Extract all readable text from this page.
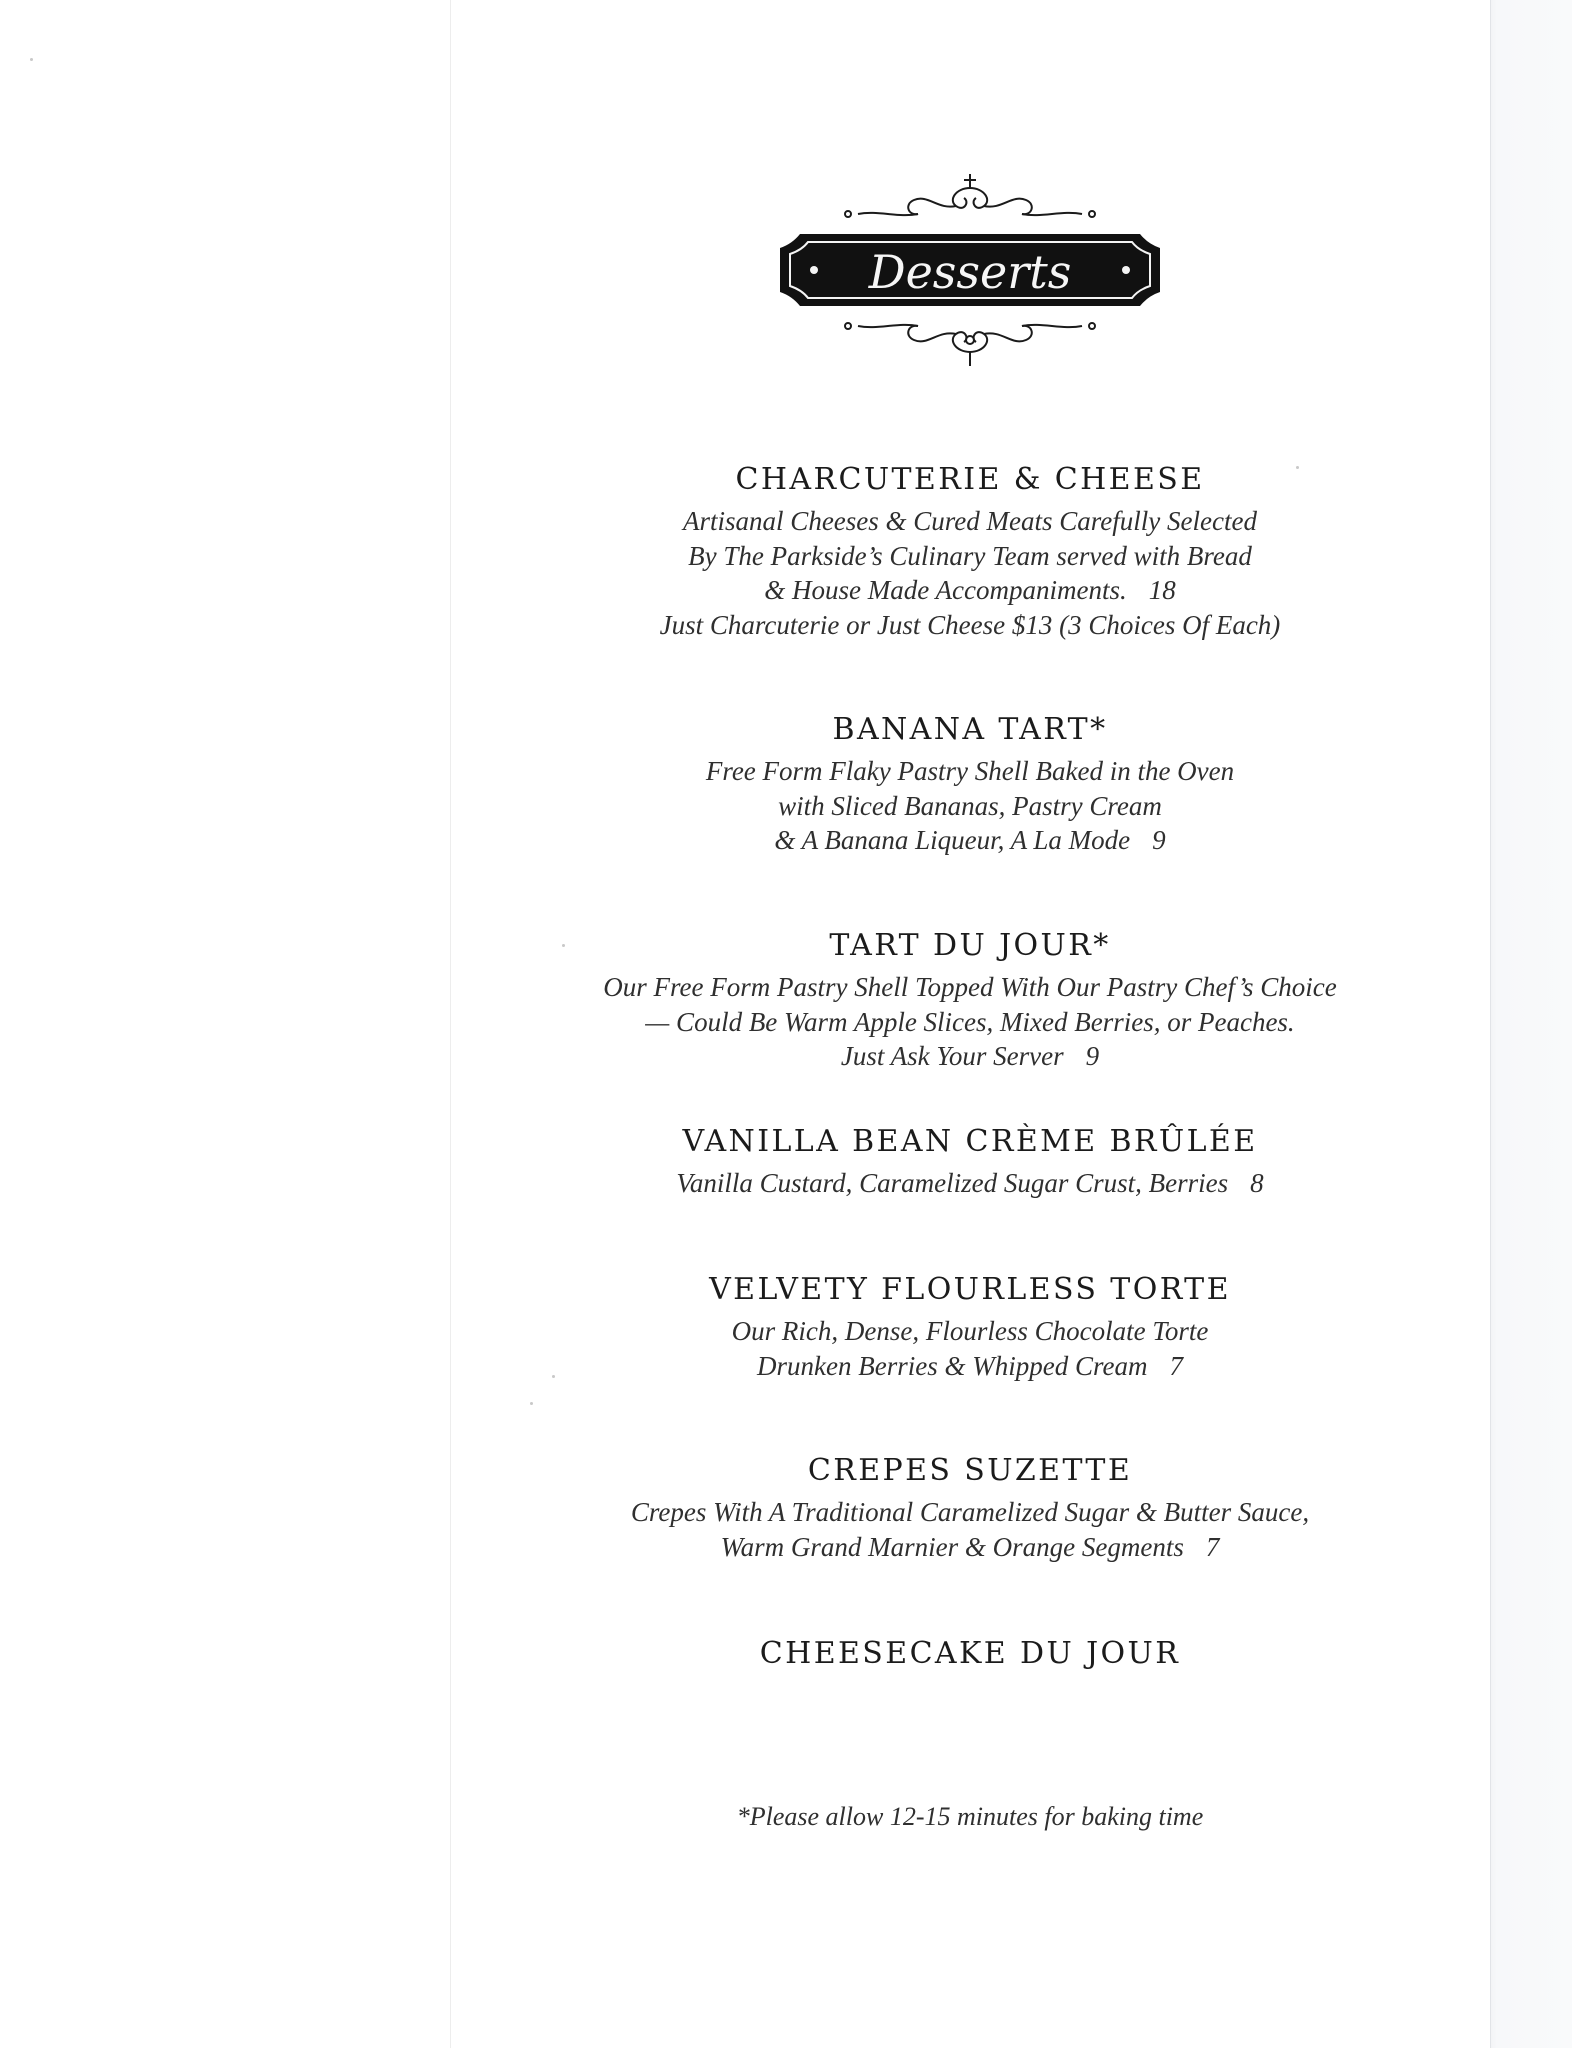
Desserts
CHARCUTERIE & CHEESE

Artisanal Cheeses & Cured Meats Carefully Selected
By The Parkside’s Culinary Team served with Bread
& House Made Accompaniments. 18
Just Charcuterie or Just Cheese $13 (3 Choices Of Each)

BANANA TART*

Free Form Flaky Pastry Shell Baked in the Oven
with Sliced Bananas, Pastry Cream
& A Banana Liqueur, A La Mode 9

TART DU JOUR*

Our Free Form Pastry Shell Topped With Our Pastry Chef’s Choice
— Could Be Warm Apple Slices, Mixed Berries, or Peaches.
Just Ask Your Server 9

VANILLA BEAN CRÈME BRÛLÉE

Vanilla Custard, Caramelized Sugar Crust, Berries 8

VELVETY FLOURLESS TORTE

Our Rich, Dense, Flourless Chocolate Torte
Drunken Berries & Whipped Cream 7

CREPES SUZETTE

Crepes With A Traditional Caramelized Sugar & Butter Sauce,
Warm Grand Marnier & Orange Segments 7

CHEESECAKE DU JOUR
*Please allow 12-15 minutes for baking time
